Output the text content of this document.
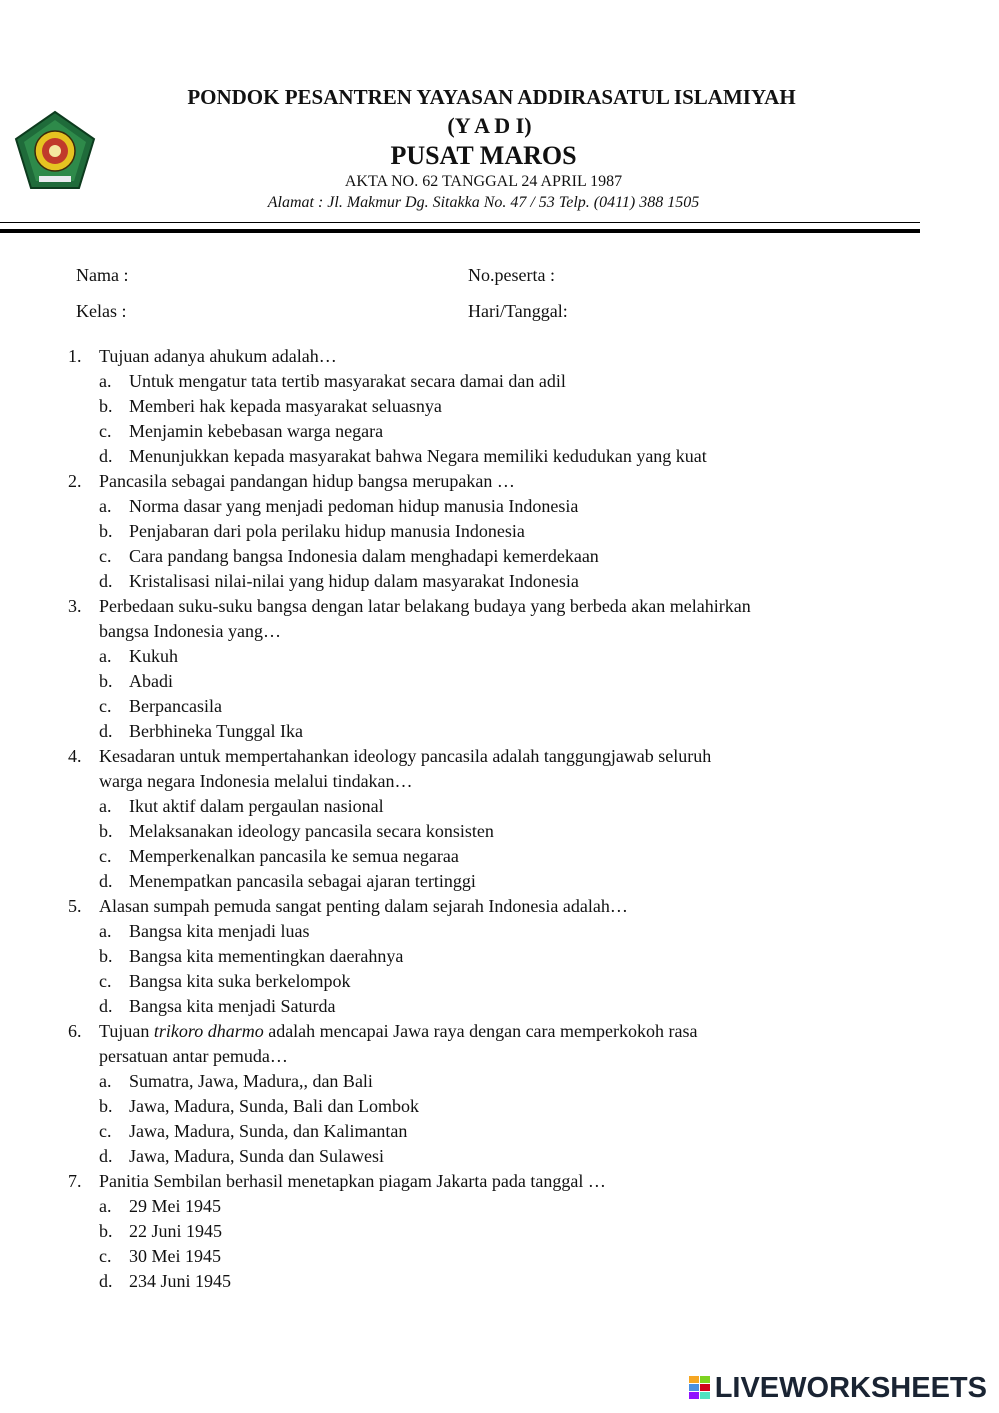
PONDOK PESANTREN YAYASAN ADDIRASATUL ISLAMIYAH
(Y A D I)
PUSAT MAROS
AKTA NO. 62 TANGGAL 24 APRIL 1987
Alamat : Jl. Makmur Dg. Sitakka No. 47 / 53 Telp. (0411) 388 1505
Nama :	No.peserta :
Kelas :	Hari/Tanggal:
1. Tujuan adanya ahukum adalah…
a. Untuk mengatur tata tertib masyarakat secara damai dan adil
b. Memberi hak kepada masyarakat seluasnya
c. Menjamin kebebasan warga negara
d. Menunjukkan kepada masyarakat bahwa Negara memiliki kedudukan yang kuat
2. Pancasila sebagai pandangan hidup bangsa merupakan …
a. Norma dasar yang menjadi pedoman hidup manusia Indonesia
b. Penjabaran dari pola perilaku hidup manusia Indonesia
c. Cara pandang bangsa Indonesia dalam menghadapi kemerdekaan
d. Kristalisasi nilai-nilai yang hidup dalam masyarakat Indonesia
3. Perbedaan suku-suku bangsa dengan latar belakang budaya yang berbeda akan melahirkan
bangsa Indonesia yang…
a. Kukuh
b. Abadi
c. Berpancasila
d. Berbhineka Tunggal Ika
4. Kesadaran untuk mempertahankan ideology pancasila adalah tanggungjawab seluruh
warga negara Indonesia melalui tindakan…
a. Ikut aktif dalam pergaulan nasional
b. Melaksanakan ideology pancasila secara konsisten
c. Memperkenalkan pancasila ke semua negaraa
d. Menempatkan pancasila sebagai ajaran tertinggi
5. Alasan sumpah pemuda sangat penting dalam sejarah Indonesia adalah…
a. Bangsa kita menjadi luas
b. Bangsa kita mementingkan daerahnya
c. Bangsa kita suka berkelompok
d. Bangsa kita menjadi Saturda
6. Tujuan trikoro dharmo adalah mencapai Jawa raya dengan cara memperkokoh rasa
persatuan antar pemuda…
a. Sumatra, Jawa, Madura,, dan Bali
b. Jawa, Madura, Sunda, Bali dan Lombok
c. Jawa, Madura, Sunda, dan Kalimantan
d. Jawa, Madura, Sunda dan Sulawesi
7. Panitia Sembilan berhasil menetapkan piagam Jakarta pada tanggal …
a. 29 Mei 1945
b. 22 Juni 1945
c. 30 Mei 1945
d. 234 Juni 1945
LIVEWORKSHEETS
